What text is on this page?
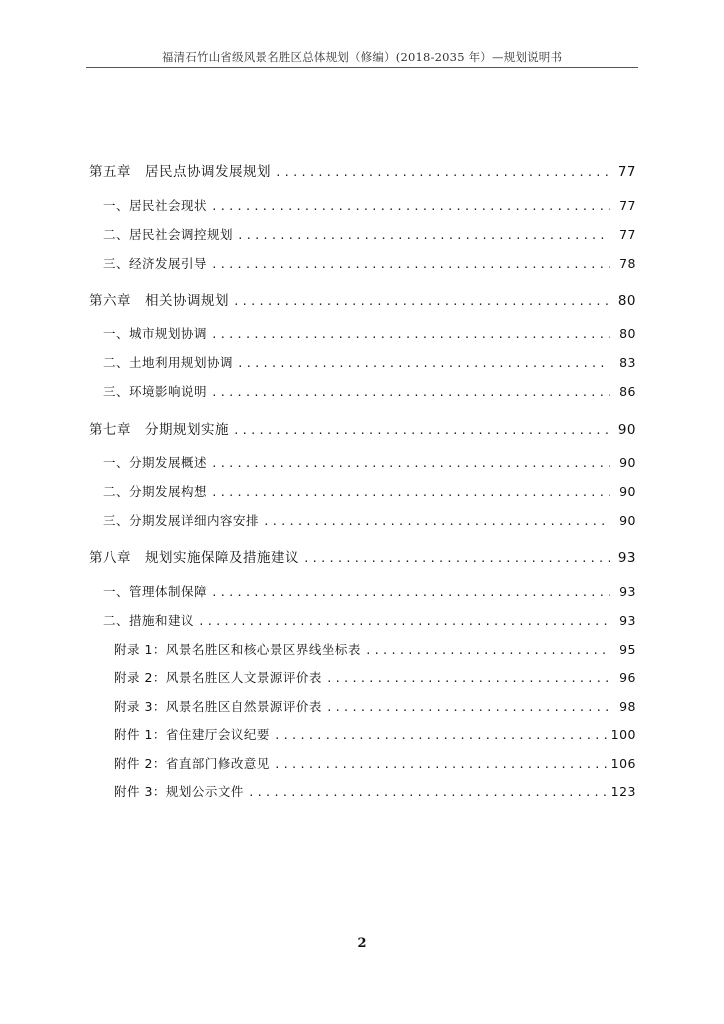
福清石竹山省级风景名胜区总体规划（修编）(2018-2035 年）—规划说明书
第五章　居民点协调发展规划 .....	77
一、居民社会现状 .....	77
二、居民社会调控规划 .....	77
三、经济发展引导 .....	78
第六章　相关协调规划 .....	80
一、城市规划协调 .....	80
二、土地利用规划协调 .....	83
三、环境影响说明 .....	86
第七章　分期规划实施 .....	90
一、分期发展概述 .....	90
二、分期发展构想 .....	90
三、分期发展详细内容安排 .....	90
第八章　规划实施保障及措施建议 .....	93
一、管理体制保障 .....	93
二、措施和建议 .....	93
附录 1：风景名胜区和核心景区界线坐标表 .....	95
附录 2：风景名胜区人文景源评价表 .....	96
附录 3：风景名胜区自然景源评价表 .....	98
附件 1：省住建厅会议纪要 .....	100
附件 2：省直部门修改意见 .....	106
附件 3：规划公示文件 .....	123
2
